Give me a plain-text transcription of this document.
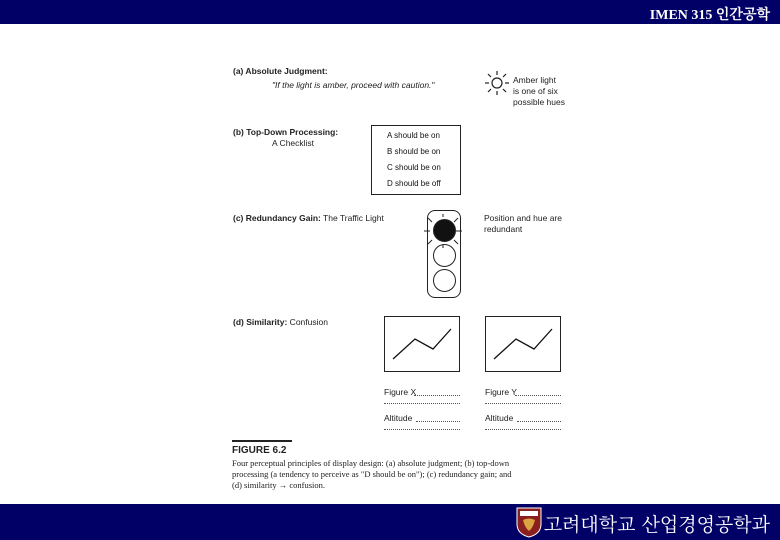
IMEN 315 인간공학
(a) Absolute Judgment:
"If the light is amber, proceed with caution."	Amber light
is one of six
possible hues
(b) Top-Down Processing:
A Checklist
A should be on
B should be on
C should be on
D should be off
(c) Redundancy Gain: The Traffic Light	Position and hue are
redundant
(d) Similarity: Confusion
Figure X
Altitude
Figure Y
Altitude
FIGURE 6.2
Four perceptual principles of display design: (a) absolute judgment; (b) top-down
processing (a tendency to perceive as "D should be on"); (c) redundancy gain; and
(d) similarity → confusion.
고려대학교 산업경영공학과
